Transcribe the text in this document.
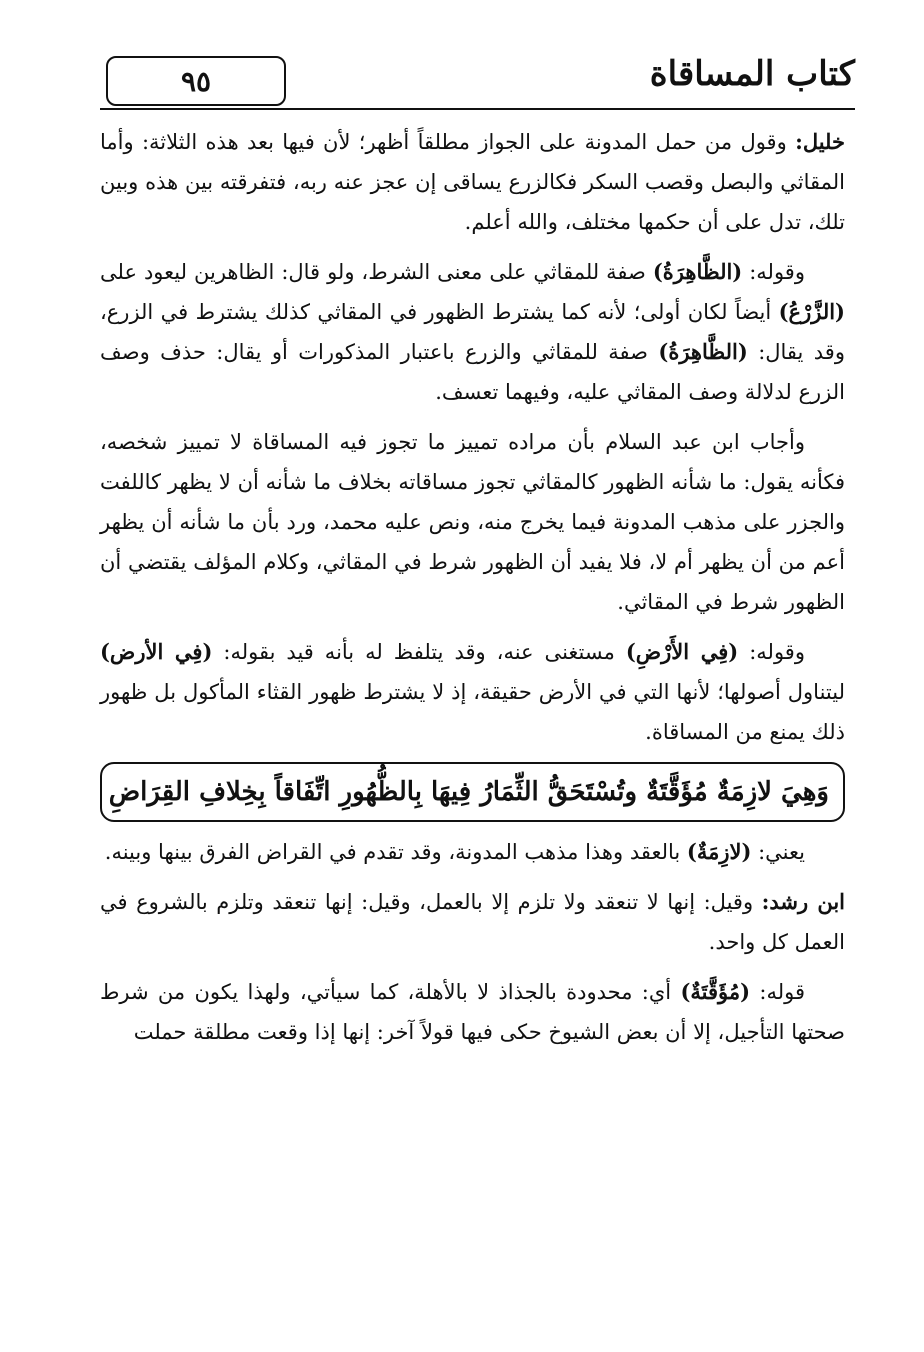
٩٥	كتاب المساقاة

خليل: وقول من حمل المدونة على الجواز مطلقاً أظهر؛ لأن فيها بعد هذه الثلاثة: وأما المقاثي والبصل وقصب السكر فكالزرع يساقى إن عجز عنه ربه، فتفرقته بين هذه وبين تلك، تدل على أن حكمها مختلف، والله أعلم.

وقوله: (الظَّاهِرَةُ) صفة للمقاثي على معنى الشرط، ولو قال: الظاهرين ليعود على (الزَّرْعُ) أيضاً لكان أولى؛ لأنه كما يشترط الظهور في المقاثي كذلك يشترط في الزرع، وقد يقال: (الظَّاهِرَةُ) صفة للمقاثي والزرع باعتبار المذكورات أو يقال: حذف وصف الزرع لدلالة وصف المقاثي عليه، وفيهما تعسف.

وأجاب ابن عبد السلام بأن مراده تمييز ما تجوز فيه المساقاة لا تمييز شخصه، فكأنه يقول: ما شأنه الظهور كالمقاثي تجوز مساقاته بخلاف ما شأنه أن لا يظهر كاللفت والجزر على مذهب المدونة فيما يخرج منه، ونص عليه محمد، ورد بأن ما شأنه أن يظهر أعم من أن يظهر أم لا، فلا يفيد أن الظهور شرط في المقاثي، وكلام المؤلف يقتضي أن الظهور شرط في المقاثي.

وقوله: (فِي الأَرْضِ) مستغنى عنه، وقد يتلفظ له بأنه قيد بقوله: (فِي الأرض) ليتناول أصولها؛ لأنها التي في الأرض حقيقة، إذ لا يشترط ظهور القثاء المأكول بل ظهور ذلك يمنع من المساقاة.

وَهِيَ لازِمَةٌ مُؤَقَّتَةٌ وتُسْتَحَقُّ الثِّمَارُ فِيهَا بِالظُّهُورِ اتِّفَاقاً بِخِلافِ القِرَاضِ

يعني: (لازِمَةٌ) بالعقد وهذا مذهب المدونة، وقد تقدم في القراض الفرق بينها وبينه.

ابن رشد: وقيل: إنها لا تنعقد ولا تلزم إلا بالعمل، وقيل: إنها تنعقد وتلزم بالشروع في العمل كل واحد.

قوله: (مُؤَقَّتَةٌ) أي: محدودة بالجذاذ لا بالأهلة، كما سيأتي، ولهذا يكون من شرط صحتها التأجيل، إلا أن بعض الشيوخ حكى فيها قولاً آخر: إنها إذا وقعت مطلقة حملت
